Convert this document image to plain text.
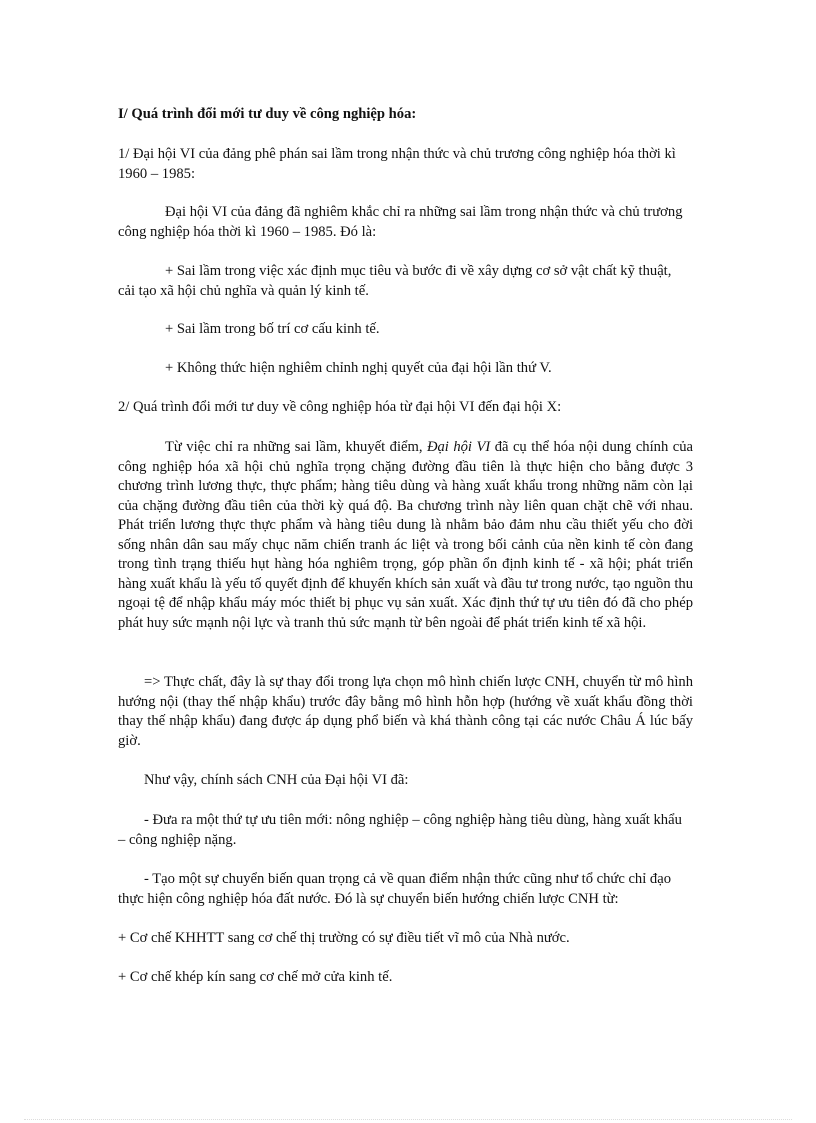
I/ Quá trình đổi mới tư duy về công nghiệp hóa:

1/ Đại hội VI của đảng phê phán sai lầm trong nhận thức và chủ trương công nghiệp hóa thời kì 1960 – 1985:

Đại hội VI của đảng đã nghiêm khắc chỉ ra những sai lầm trong nhận thức và chủ trương công nghiệp hóa thời kì 1960 – 1985. Đó là:

+ Sai lầm trong việc xác định mục tiêu và bước đi về xây dựng cơ sở vật chất kỹ thuật, cải tạo xã hội chủ nghĩa và quản lý kinh tế.

+ Sai lầm trong bố trí cơ cấu kinh tế.

+ Không thức hiện nghiêm chỉnh nghị quyết của đại hội lần thứ V.

2/ Quá trình đổi mới tư duy về công nghiệp hóa từ đại hội VI đến đại hội X:

Từ việc chỉ ra những sai lầm, khuyết điểm, Đại hội VI đã cụ thể hóa nội dung chính của công nghiệp hóa xã hội chủ nghĩa trọng chặng đường đầu tiên là thực hiện cho bằng được 3 chương trình lương thực, thực phẩm; hàng tiêu dùng và hàng xuất khẩu trong những năm còn lại của chặng đường đầu tiên của thời kỳ quá độ. Ba chương trình này liên quan chặt chẽ với nhau. Phát triển lương thực thực phẩm và hàng tiêu dung là nhằm bảo đảm nhu cầu thiết yếu cho đời sống nhân dân sau mấy chục năm chiến tranh ác liệt và trong bối cảnh của nền kinh tế còn đang trong tình trạng thiếu hụt hàng hóa nghiêm trọng, góp phần ổn định kinh tế - xã hội; phát triển hàng xuất khẩu là yếu tố quyết định để khuyến khích sản xuất và đầu tư trong nước, tạo nguồn thu ngoại tệ để nhập khẩu máy móc thiết bị phục vụ sản xuất. Xác định thứ tự ưu tiên đó đã cho phép phát huy sức mạnh nội lực và tranh thủ sức mạnh từ bên ngoài để phát triển kinh tế xã hội.

=> Thực chất, đây là sự thay đổi trong lựa chọn mô hình chiến lược CNH, chuyển từ mô hình hướng nội (thay thế nhập khẩu) trước đây bằng mô hình hỗn hợp (hướng về xuất khẩu đồng thời thay thế nhập khẩu) đang được áp dụng phổ biến và khá thành công tại các nước Châu Á lúc bấy giờ.

Như vậy, chính sách CNH của Đại hội VI đã:

- Đưa ra một thứ tự ưu tiên mới: nông nghiệp – công nghiệp hàng tiêu dùng, hàng xuất khẩu – công nghiệp nặng.

- Tạo một sự chuyển biến quan trọng cả về quan điểm nhận thức cũng như tổ chức chỉ đạo thực hiện công nghiệp hóa đất nước. Đó là sự chuyển biến hướng chiến lược CNH từ:

+ Cơ chế KHHTT sang cơ chế thị trường có sự điều tiết vĩ mô của Nhà nước.

+ Cơ chế khép kín sang cơ chế mở cửa kinh tế.
